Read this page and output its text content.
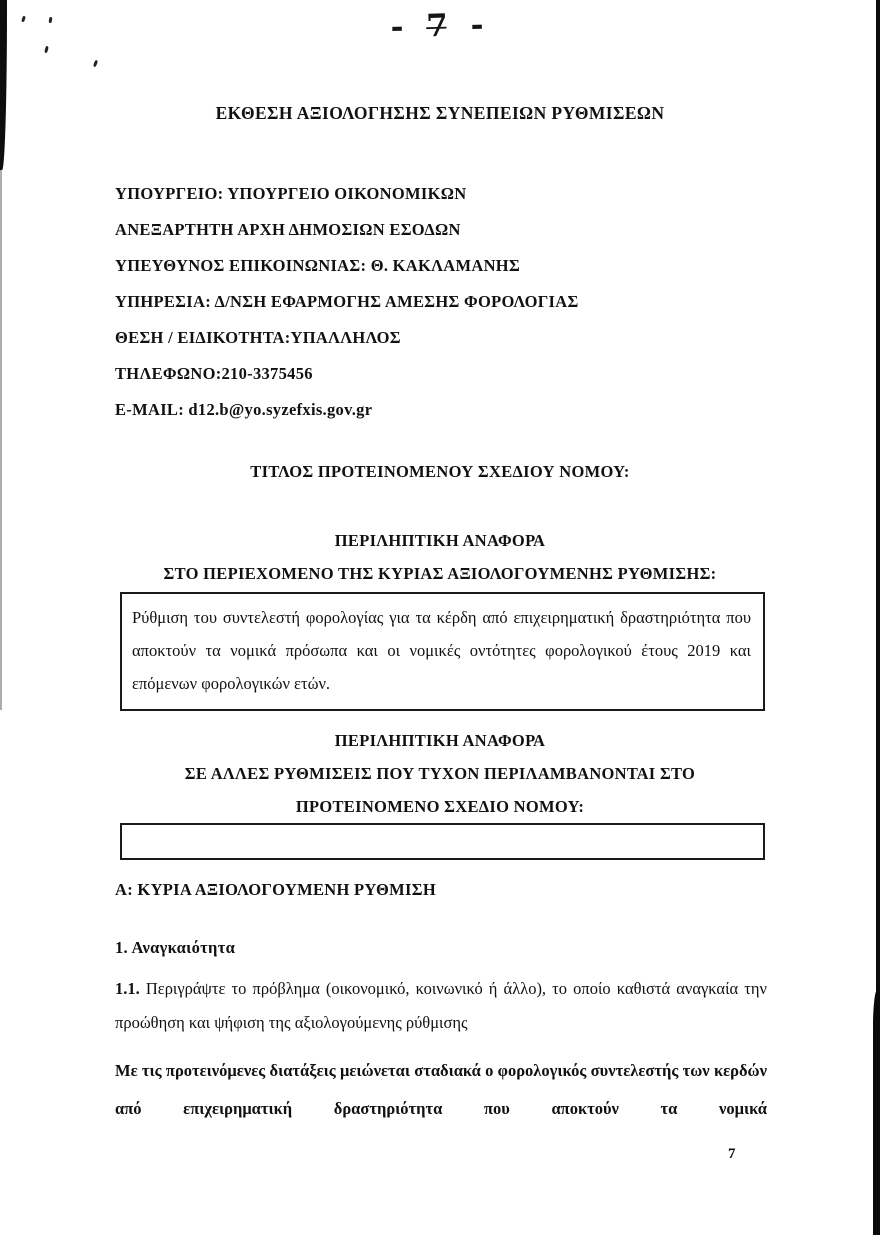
- 7̶ -
ΕΚΘΕΣΗ ΑΞΙΟΛΟΓΗΣΗΣ ΣΥΝΕΠΕΙΩΝ ΡΥΘΜΙΣΕΩΝ
ΥΠΟΥΡΓΕΙΟ: ΥΠΟΥΡΓΕΙΟ ΟΙΚΟΝΟΜΙΚΩΝ
ΑΝΕΞΑΡΤΗΤΗ ΑΡΧΗ ΔΗΜΟΣΙΩΝ ΕΣΟΔΩΝ
ΥΠΕΥΘΥΝΟΣ ΕΠΙΚΟΙΝΩΝΙΑΣ: Θ. ΚΑΚΛΑΜΑΝΗΣ
ΥΠΗΡΕΣΙΑ: Δ/ΝΣΗ ΕΦΑΡΜΟΓΗΣ ΑΜΕΣΗΣ ΦΟΡΟΛΟΓΙΑΣ
ΘΕΣΗ / ΕΙΔΙΚΟΤΗΤΑ:ΥΠΑΛΛΗΛΟΣ
ΤΗΛΕΦΩΝΟ:210-3375456
E-MAIL: d12.b@yo.syzefxis.gov.gr
ΤΙΤΛΟΣ ΠΡΟΤΕΙΝΟΜΕΝΟΥ ΣΧΕΔΙΟΥ ΝΟΜΟΥ:
ΠΕΡΙΛΗΠΤΙΚΗ ΑΝΑΦΟΡΑ
ΣΤΟ ΠΕΡΙΕΧΟΜΕΝΟ ΤΗΣ ΚΥΡΙΑΣ ΑΞΙΟΛΟΓΟΥΜΕΝΗΣ ΡΥΘΜΙΣΗΣ:
Ρύθμιση του συντελεστή φορολογίας για τα κέρδη από επιχειρηματική δραστηριότητα που αποκτούν τα νομικά πρόσωπα και οι νομικές οντότητες φορολογικού έτους 2019 και επόμενων φορολογικών ετών.
ΠΕΡΙΛΗΠΤΙΚΗ ΑΝΑΦΟΡΑ
ΣΕ ΑΛΛΕΣ ΡΥΘΜΙΣΕΙΣ ΠΟΥ ΤΥΧΟΝ ΠΕΡΙΛΑΜΒΑΝΟΝΤΑΙ ΣΤΟ
ΠΡΟΤΕΙΝΟΜΕΝΟ ΣΧΕΔΙΟ ΝΟΜΟΥ:
Α: ΚΥΡΙΑ ΑΞΙΟΛΟΓΟΥΜΕΝΗ ΡΥΘΜΙΣΗ
1. Αναγκαιότητα
1.1. Περιγράψτε το πρόβλημα (οικονομικό, κοινωνικό ή άλλο), το οποίο καθιστά αναγκαία την προώθηση και ψήφιση της αξιολογούμενης ρύθμισης
Με τις προτεινόμενες διατάξεις μειώνεται σταδιακά ο φορολογικός συντελεστής των κερδών από επιχειρηματική δραστηριότητα που αποκτούν τα νομικά
7
